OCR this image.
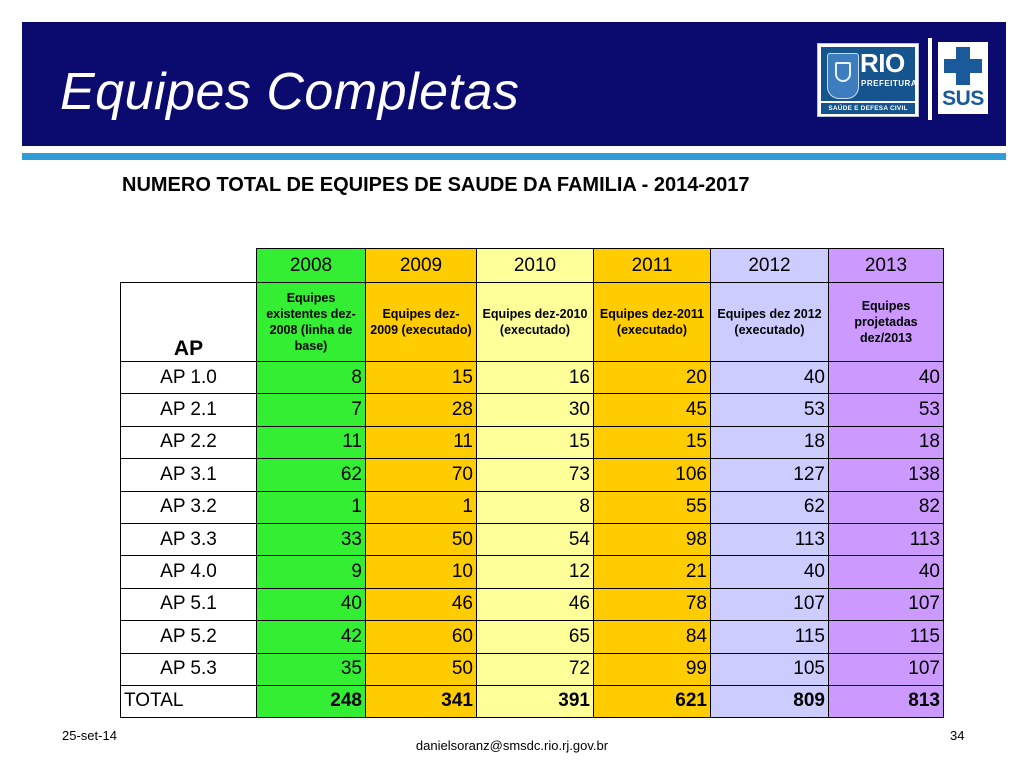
Equipes Completas	RIO
PREFEITURA
SAÚDE E DEFESA CIVIL	SUS
NUMERO TOTAL DE EQUIPES DE SAUDE DA FAMILIA - 2014-2017
	2008	2009	2010	2011	2012	2013
AP	Equipes existentes dez-2008 (linha de base)	Equipes dez-2009 (executado)	Equipes dez-2010 (executado)	Equipes dez-2011 (executado)	Equipes dez 2012 (executado)	Equipes projetadas dez/2013
AP 1.0	8	15	16	20	40	40
AP 2.1	7	28	30	45	53	53
AP 2.2	11	11	15	15	18	18
AP 3.1	62	70	73	106	127	138
AP 3.2	1	1	8	55	62	82
AP 3.3	33	50	54	98	113	113
AP 4.0	9	10	12	21	40	40
AP 5.1	40	46	46	78	107	107
AP 5.2	42	60	65	84	115	115
AP 5.3	35	50	72	99	105	107
TOTAL	248	341	391	621	809	813
25-set-14
danielsoranz@smsdc.rio.rj.gov.br
34
